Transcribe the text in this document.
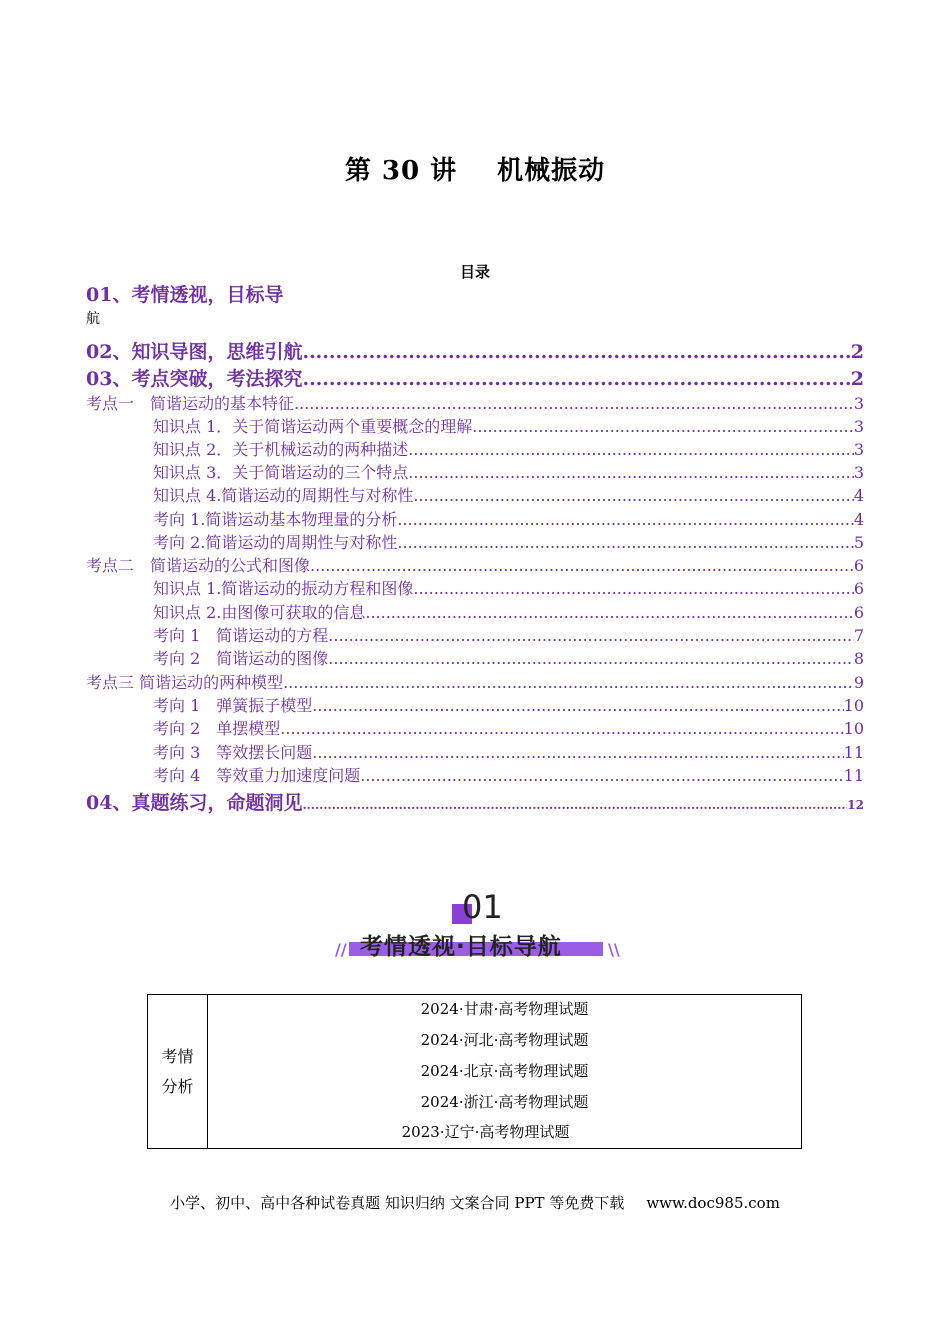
第 30 讲 机械振动
目录
01、考情透视，目标导
航
02、知识导图，思维引航 .....	2
03、考点突破，考法探究 .....	2
考点一　简谐运动的基本特征 .....	3
知识点 1．关于简谐运动两个重要概念的理解 .....	3
知识点 2．关于机械运动的两种描述 .....	3
知识点 3．关于简谐运动的三个特点 .....	3
知识点 4.简谐运动的周期性与对称性 .....	4
考向 1.简谐运动基本物理量的分析 .....	4
考向 2.简谐运动的周期性与对称性 .....	5
考点二　简谐运动的公式和图像 .....	6
知识点 1.简谐运动的振动方程和图像 .....	6
知识点 2.由图像可获取的信息 .....	6
考向 1　简谐运动的方程 .....	7
考向 2　简谐运动的图像 .....	8
考点三 简谐运动的两种模型 .....	9
考向 1　弹簧振子模型 .....	10
考向 2　单摆模型 .....	10
考向 3　等效摆长问题 .....	11
考向 4　等效重力加速度问题 .....	11
04、真题练习，命题洞见 .....	12
01
// 考情透视·目标导航	\\
考情
分析
2024·甘肃·高考物理试题
2024·河北·高考物理试题
2024·北京·高考物理试题
2024·浙江·高考物理试题
2023·辽宁·高考物理试题
小学、初中、高中各种试卷真题 知识归纳 文案合同 PPT 等免费下载 www.doc985.com
